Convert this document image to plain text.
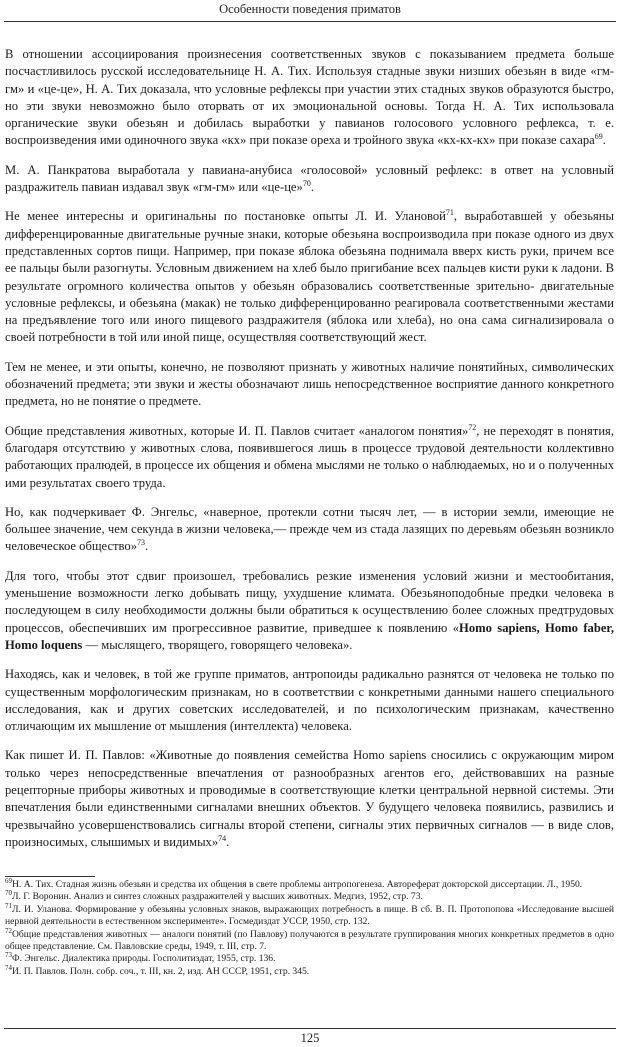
Особенности поведения приматов

В отношении ассоциирования произнесения соответственных звуков с показыванием предмета больше посчастливилось русской исследовательнице Н. А. Тих. Используя стадные звуки низших обезьян в виде «гм-гм» и «це-це», Н. А. Тих доказала, что условные рефлексы при участии этих стадных звуков образуются быстро, но эти звуки невозможно было оторвать от их эмоциональной основы. Тогда Н. А. Тих использовала органические звуки обезьян и добилась выработки у павианов голосового условного рефлекса, т. е. воспроизведения ими одиночного звука «кх» при показе ореха и тройного звука «кх-кх-кх» при показе сахара$^{69}$.

М. А. Панкратова выработала у павиана-анубиса «голосовой» условный рефлекс: в ответ на условный раздражитель павиан издавал звук «гм-гм» или «це-це»$^{70}$.

Не менее интересны и оригинальны по постановке опыты Л. И. Улановой$^{71}$, выработавшей у обезьяны дифференцированные двигательные ручные знаки, которые обезьяна воспроизводила при показе одного из двух представленных сортов пищи. Например, при показе яблока обезьяна поднимала вверх кисть руки, причем все ее пальцы были разогнуты. Условным движением на хлеб было пригибание всех пальцев кисти руки к ладони. В результате огромного количества опытов у обезьян образовались соответственные зрительно- двигательные условные рефлексы, и обезьяна (макак) не только дифференцированно реагировала соответственными жестами на предъявление того или иного пищевого раздражителя (яблока или хлеба), но она сама сигнализировала о своей потребности в той или иной пище, осуществляя соответствующий жест.

Тем не менее, и эти опыты, конечно, не позволяют признать у животных наличие понятийных, символических обозначений предмета; эти звуки и жесты обозначают лишь непосредственное восприятие данного конкретного предмета, но не понятие о предмете.

Общие представления животных, которые И. П. Павлов считает «аналогом понятия»$^{72}$, не переходят в понятия, благодаря отсутствию у животных слова, появившегося лишь в процессе трудовой деятельности коллективно работающих пралюдей, в процессе их общения и обмена мыслями не только о наблюдаемых, но и о полученных ими результатах своего труда.

Но, как подчеркивает Ф. Энгельс, «наверное, протекли сотни тысяч лет, — в истории земли, имеющие не большее значение, чем секунда в жизни человека,— прежде чем из стада лазящих по деревьям обезьян возникло человеческое общество»$^{73}$.

Для того, чтобы этот сдвиг произошел, требовались резкие изменения условий жизни и местообитания, уменьшение возможности легко добывать пищу, ухудшение климата. Обезьяноподобные предки человека в последующем в силу необходимости должны были обратиться к осуществлению более сложных предтрудовых процессов, обеспечивших им прогрессивное развитие, приведшее к появлению «Homo sapiens, Homo faber, Homo loquens — мыслящего, творящего, говорящего человека».

Находясь, как и человек, в той же группе приматов, антропоиды радикально разнятся от человека не только по существенным морфологическим признакам, но в соответствии с конкретными данными нашего специального исследования, как и других советских исследователей, и по психологическим признакам, качественно отличающим их мышление от мышления (интеллекта) человека.

Как пишет И. П. Павлов: «Животные до появления семейства Homo sapiens сносились с окружающим миром только через непосредственные впечатления от разнообразных агентов его, действовавших на разные рецепторные приборы животных и проводимые в соответствующие клетки центральной нервной системы. Эти впечатления были единственными сигналами внешних объектов. У будущего человека появились, развились и чрезвычайно усовершенствовались сигналы второй степени, сигналы этих первичных сигналов — в виде слов, произносимых, слышимых и видимых»$^{74}$.

$^{69}$Н. А. Тих. Стадная жизнь обезьян и средства их общения в свете проблемы антропогенеза. Автореферат докторской диссертации. Л., 1950.

$^{70}$Л. Г. Воронин. Анализ и синтез сложных раздражителей у высших животных. Медгиз, 1952, стр. 73.

$^{71}$Л. И. Уланова. Формирование у обезьяны условных знаков, выражающих потребность в пище. В сб. В. П. Протопопова «Исследование высшей нервной деятельности в естественном эксперименте». Госмедиздат УССР, 1950, стр. 132.

$^{72}$Общие представления животных — аналоги понятий (по Павлову) получаются в результате группирования многих конкретных предметов в одно общее представление. См. Павловские среды, 1949, т. III, стр. 7.

$^{73}$Ф. Энгельс. Диалектика природы. Госполитиздат, 1955, стр. 136.

$^{74}$И. П. Павлов. Полн. собр. соч., т. III, кн. 2, изд. АН СССР, 1951, стр. 345.

125
